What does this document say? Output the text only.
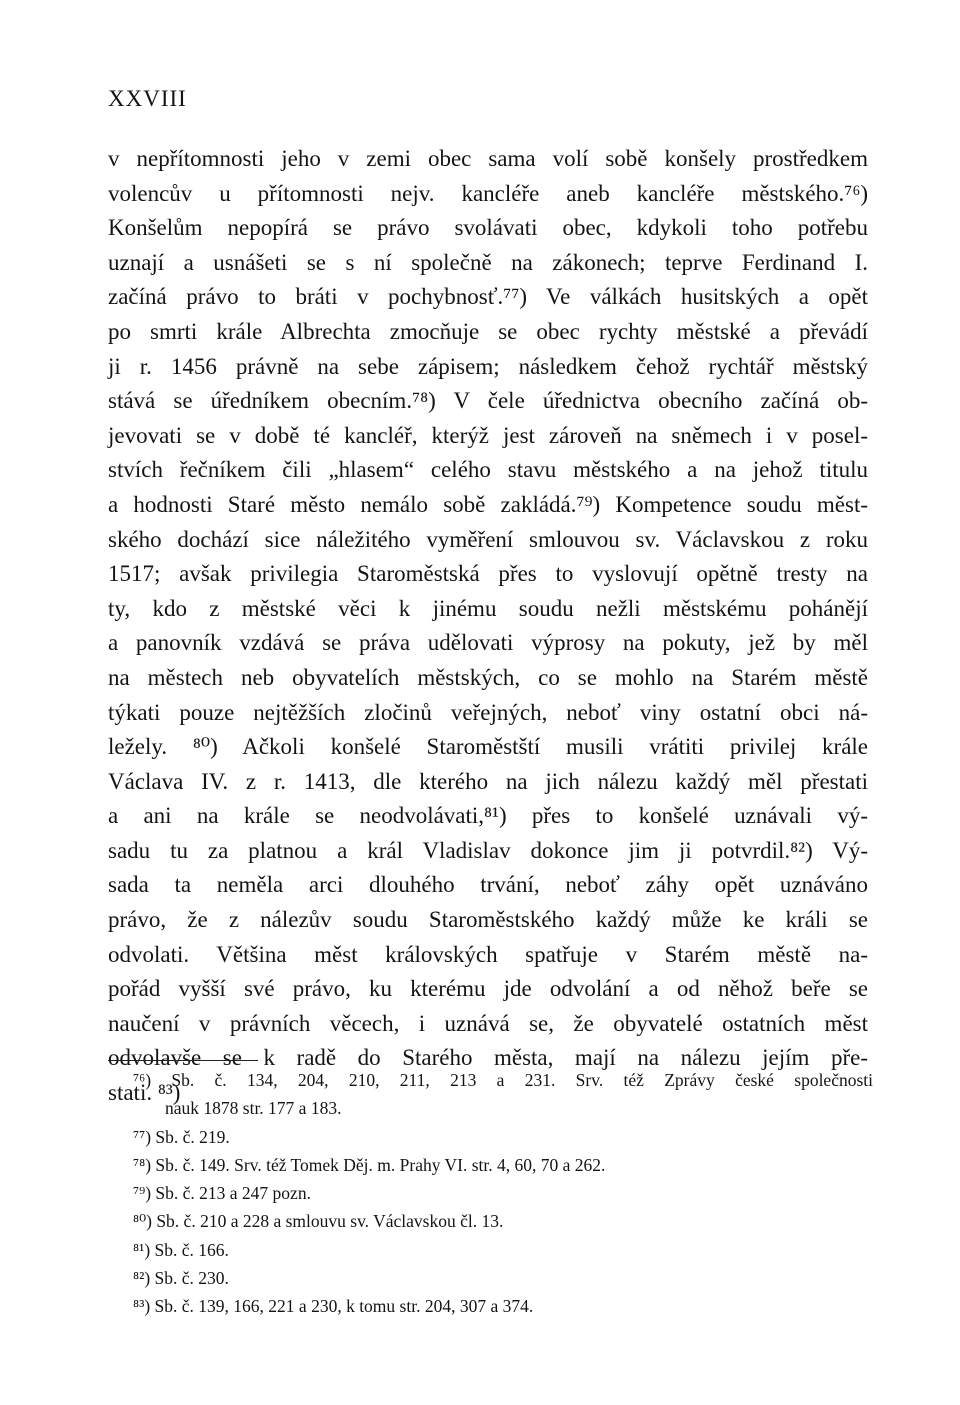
XXVIII
v nepřítomnosti jeho v zemi obec sama volí sobě konšely prostředkem
volencův u přítomnosti nejv. kancléře aneb kancléře městského.⁷⁶)
Konšelům nepopírá se právo svolávati obec, kdykoli toho potřebu
uznají a usnášeti se s ní společně na zákonech; teprve Ferdinand I.
začíná právo to bráti v pochybnosť.⁷⁷) Ve válkách husitských a opět
po smrti krále Albrechta zmocňuje se obec rychty městské a převádí
ji r. 1456 právně na sebe zápisem; následkem čehož rychtář městský
stává se úředníkem obecním.⁷⁸) V čele úřednictva obecního začíná ob-
jevovati se v době té kancléř, kterýž jest zároveň na sněmech i v posel-
stvích řečníkem čili „hlasem“ celého stavu městského a na jehož titulu
a hodnosti Staré město nemálo sobě zakládá.⁷⁹) Kompetence soudu měst-
ského dochází sice náležitého vyměření smlouvou sv. Václavskou z roku
1517; avšak privilegia Staroměstská přes to vyslovují opětně tresty na
ty, kdo z městské věci k jinému soudu nežli městskému pohánějí
a panovník vzdává se práva udělovati výprosy na pokuty, jež by měl
na městech neb obyvatelích městských, co se mohlo na Starém městě
týkati pouze nejtěžších zločinů veřejných, neboť viny ostatní obci ná-
ležely. ⁸⁰) Ačkoli konšelé Staroměstští musili vrátiti privilej krále
Václava IV. z r. 1413, dle kterého na jich nálezu každý měl přestati
a ani na krále se neodvolávati,⁸¹) přes to konšelé uznávali vý-
sadu tu za platnou a král Vladislav dokonce jim ji potvrdil.⁸²) Vý-
sada ta neměla arci dlouhého trvání, neboť záhy opět uznáváno
právo, že z nálezův soudu Staroměstského každý může ke králi se
odvolati. Většina měst královských spatřuje v Starém městě na-
pořád vyšší své právo, ku kterému jde odvolání a od něhož beře se
naučení v právních věcech, i uznává se, že obyvatelé ostatních měst
odvolavše se k radě do Starého města, mají na nálezu jejím pře-
stati. ⁸³)
⁷⁶) Sb. č. 134, 204, 210, 211, 213 a 231. Srv. též Zprávy české společnosti
nauk 1878 str. 177 a 183.
⁷⁷) Sb. č. 219.
⁷⁸) Sb. č. 149. Srv. též Tomek Děj. m. Prahy VI. str. 4, 60, 70 a 262.
⁷⁹) Sb. č. 213 a 247 pozn.
⁸⁰) Sb. č. 210 a 228 a smlouvu sv. Václavskou čl. 13.
⁸¹) Sb. č. 166.
⁸²) Sb. č. 230.
⁸³) Sb. č. 139, 166, 221 a 230, k tomu str. 204, 307 a 374.
